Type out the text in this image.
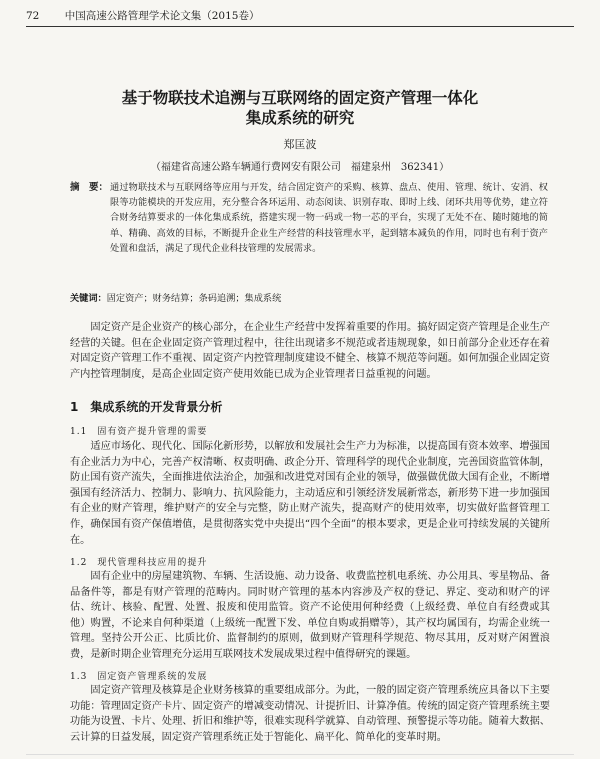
72 中国高速公路管理学术论文集（2015卷）
基于物联技术追溯与互联网络的固定资产管理一体化
集成系统的研究
郑匡波
（福建省高速公路车辆通行费网安有限公司　福建泉州　362341）
摘　要： 通过物联技术与互联网络等应用与开发，结合固定资产的采购、核算、盘点、使用、管理、统计、安消、权限等功能模块的开发应用，充分整合各环运用、动态阅读、识别存取、即时上线、闭环共用等优势，建立符合财务结算要求的一体化集成系统，搭建实现一物一码或一物一芯的平台，实现了无处不在、随时随地的简单、精确、高效的目标，不断提升企业生产经营的科技管理水平，起到辖本减负的作用，同时也有利于资产处置和盘活，满足了现代企业科技管理的发展需求。
关键词：固定资产；财务结算；条码追溯；集成系统

固定资产是企业资产的核心部分，在企业生产经营中发挥着重要的作用。搞好固定资产管理是企业生产经营的关键。但在企业固定资产管理过程中，往往出现诸多不规范或者违规现象，如日前部分企业还存在着对固定资产管理工作不重视、固定资产内控管理制度建设不健全、核算不规范等问题。如何加强企业固定资产内控管理制度，是高企业固定资产使用效能已成为企业管理者日益重视的问题。

1　集成系统的开发背景分析
1.1　固有资产提升管理的需要

适应市场化、现代化、国际化新形势，以解放和发展社会生产力为标准，以提高国有资本效率、增强国有企业活力为中心，完善产权清晰、权责明确、政企分开、管理科学的现代企业制度，完善国资监管体制，防止国有资产流失，全面推进依法治企，加强和改进党对国有企业的领导，做强做优做大国有企业，不断增强国有经济活力、控制力、影响力、抗风险能力，主动适应和引领经济发展新常态，新形势下进一步加强国有企业的财产管理，维护财产的安全与完整，防止财产流失，提高财产的使用效率，切实做好监督管理工作，确保国有资产保值增值，是贯彻落实党中央提出“四个全面”的根本要求，更是企业可持续发展的关键所在。

1.2　现代管理科技应用的提升

固有企业中的房屋建筑物、车辆、生活设施、动力设备、收费监控机电系统、办公用具、零星物品、备品备件等，都是有财产管理的范畴内。同时财产管理的基本内容涉及产权的登记、界定、变动和财产的评估、统计、核验、配置、处置、报废和使用监管。资产不论使用何种经费（上级经费、单位自有经费或其他）购置，不论来自何种渠道（上级统一配置下发、单位自购或捐赠等），其产权均属国有，均需企业统一管理。坚持公开公正、比质比价、监督制约的原则，做到财产管理科学规范、物尽其用，反对财产闲置浪费，是新时期企业管理充分运用互联网技术发展成果过程中值得研究的课题。

1.3　固定资产管理系统的发展

固定资产管理及核算是企业财务核算的重要组成部分。为此，一般的固定资产管理系统应具备以下主要功能：管理固定资产卡片、固定资产的增减变动情况、计提折旧、计算净值。传统的固定资产管理系统主要功能为设置、卡片、处理、折旧和维护等，很难实现科学就算、自动管理、预警提示等功能。随着大数据、云计算的日益发展，固定资产管理系统正处于智能化、扁平化、简单化的变革时期。
